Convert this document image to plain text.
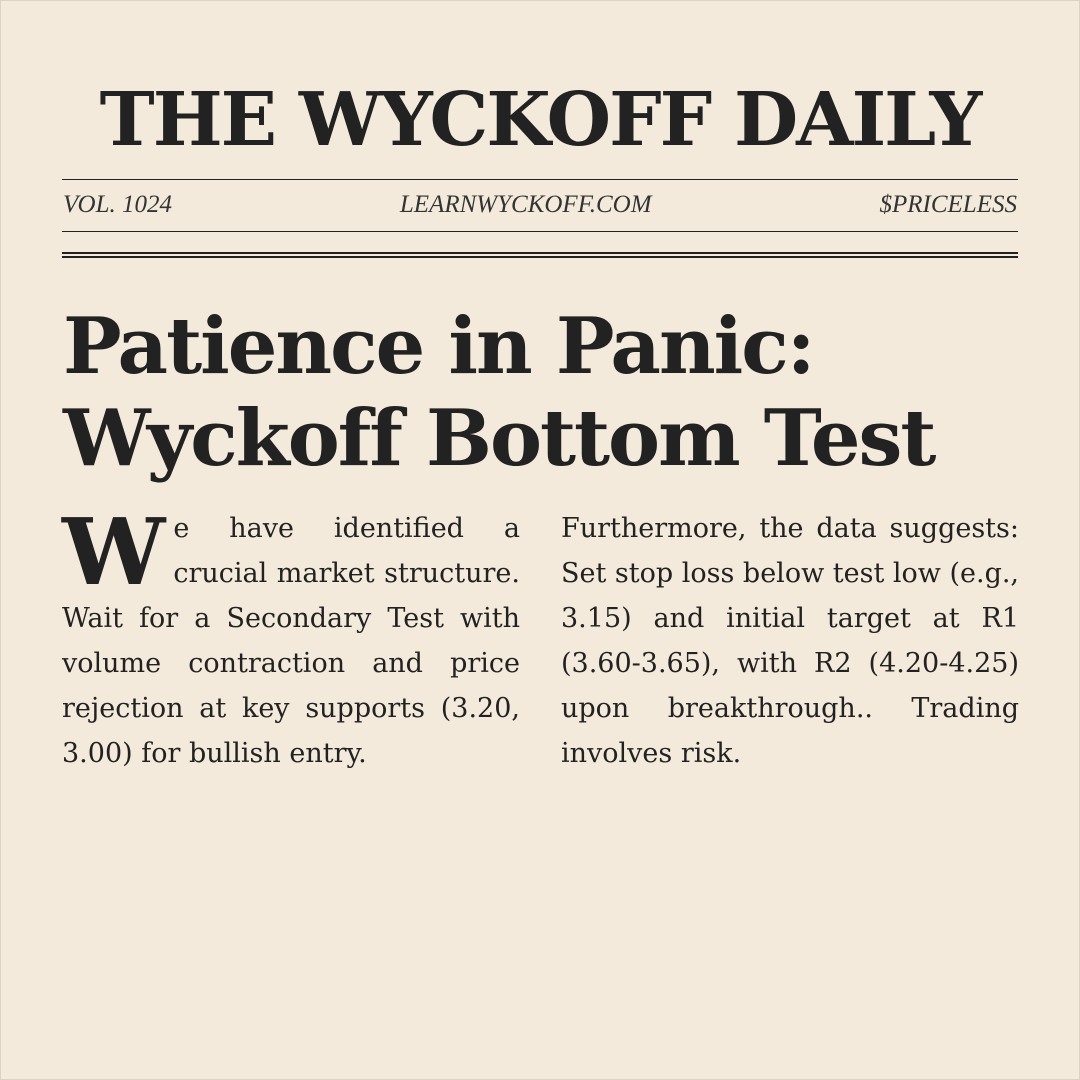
THE WYCKOFF DAILY
VOL. 1024	LEARNWYCKOFF.COM	$PRICELESS
Patience in Panic:
Wyckoff Bottom Test
We have identified a crucial market structure. Wait for a Secondary Test with volume contraction and price rejection at key supports (3.20, 3.00) for bullish entry.
Furthermore, the data suggests: Set stop loss below test low (e.g., 3.15) and initial target at R1 (3.60-3.65), with R2 (4.20-4.25) upon breakthrough.. Trading involves risk.
